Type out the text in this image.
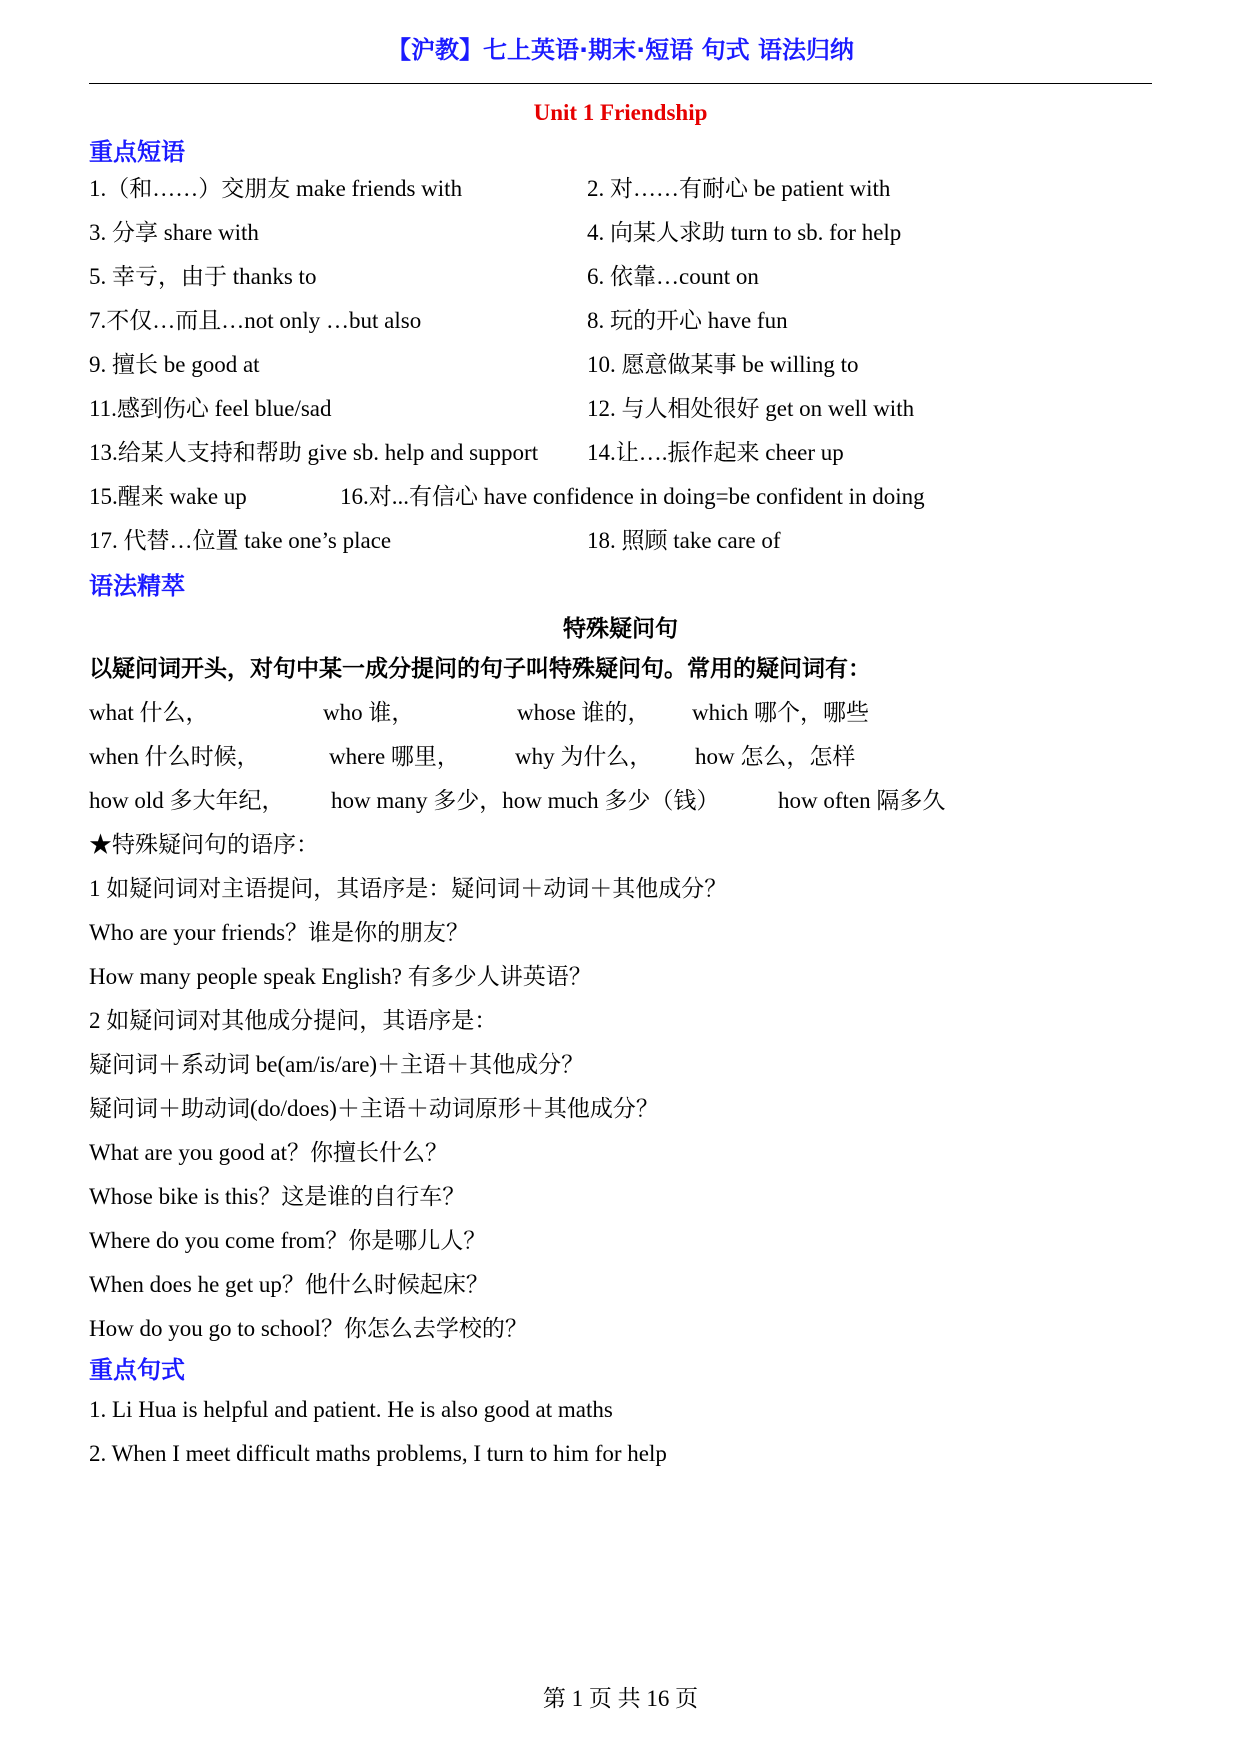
【沪教】七上英语·期末·短语 句式 语法归纳
Unit 1 Friendship
重点短语
1.（和……）交朋友 make friends with	2. 对……有耐心 be patient with
3. 分享 share with	4. 向某人求助 turn to sb. for help
5. 幸亏，由于 thanks to	6. 依靠…count on
7.不仅…而且…not only …but also	8. 玩的开心 have fun
9. 擅长 be good at	10. 愿意做某事 be willing to
11.感到伤心 feel blue/sad	12. 与人相处很好 get on well with
13.给某人支持和帮助 give sb. help and support 14.让….振作起来 cheer up
15.醒来 wake up	16.对...有信心 have confidence in doing=be confident in doing
17. 代替…位置 take one’s place	18. 照顾 take care of
语法精萃
特殊疑问句
以疑问词开头，对句中某一成分提问的句子叫特殊疑问句。常用的疑问词有：
what 什么，	who 谁，	whose 谁的， which 哪个，哪些
when 什么时候，	where 哪里， why 为什么， how 怎么，怎样
how old 多大年纪， how many 多少，how much 多少（钱）	how often 隔多久
★特殊疑问句的语序：
1 如疑问词对主语提问，其语序是：疑问词＋动词＋其他成分？
Who are your friends？谁是你的朋友？
How many people speak English? 有多少人讲英语？
2 如疑问词对其他成分提问，其语序是：
疑问词＋系动词 be(am/is/are)＋主语＋其他成分？
疑问词＋助动词(do/does)＋主语＋动词原形＋其他成分？
What are you good at？你擅长什么？
Whose bike is this？这是谁的自行车？
Where do you come from？你是哪儿人？
When does he get up？他什么时候起床？
How do you go to school？你怎么去学校的？
重点句式
1. Li Hua is helpful and patient. He is also good at maths
2. When I meet difficult maths problems, I turn to him for help
第 1 页 共 16 页
